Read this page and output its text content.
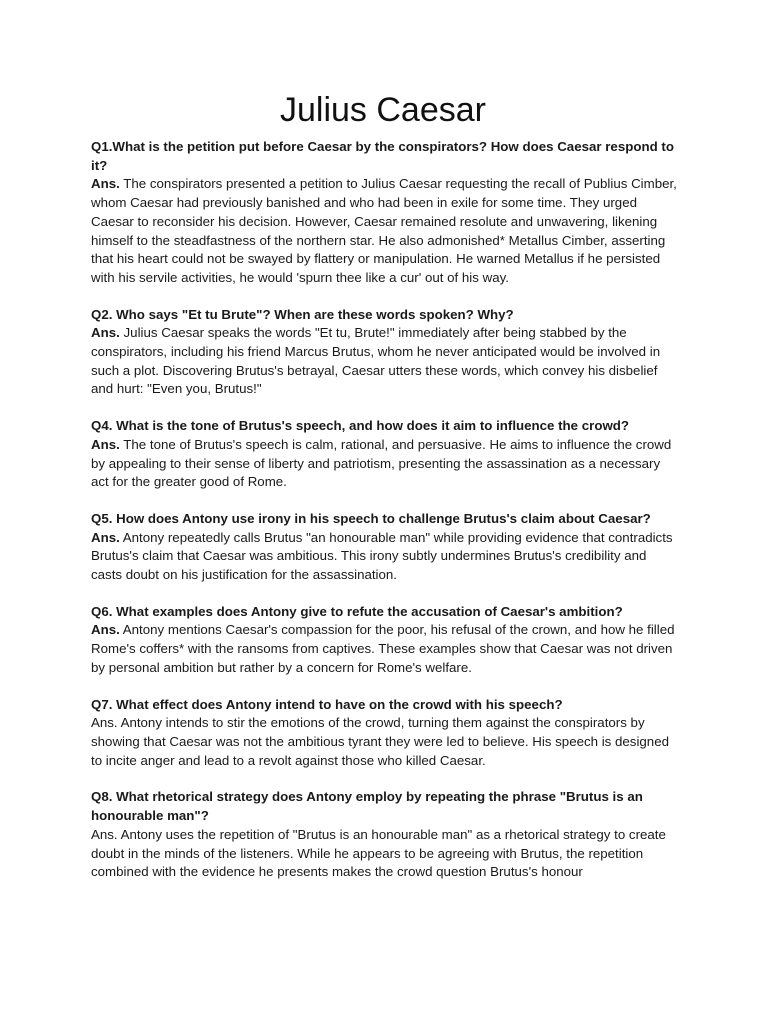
Julius Caesar
Q1.What is the petition put before Caesar by the conspirators? How does Caesar respond to it?
Ans. The conspirators presented a petition to Julius Caesar requesting the recall of Publius Cimber, whom Caesar had previously banished and who had been in exile for some time. They urged Caesar to reconsider his decision. However, Caesar remained resolute and unwavering, likening himself to the steadfastness of the northern star. He also admonished* Metallus Cimber, asserting that his heart could not be swayed by flattery or manipulation. He warned Metallus if he persisted with his servile activities, he would 'spurn thee like a cur' out of his way.
Q2. Who says "Et tu Brute"? When are these words spoken? Why?
Ans. Julius Caesar speaks the words "Et tu, Brute!" immediately after being stabbed by the conspirators, including his friend Marcus Brutus, whom he never anticipated would be involved in such a plot. Discovering Brutus's betrayal, Caesar utters these words, which convey his disbelief and hurt: "Even you, Brutus!"
Q4. What is the tone of Brutus's speech, and how does it aim to influence the crowd?
Ans. The tone of Brutus's speech is calm, rational, and persuasive. He aims to influence the crowd by appealing to their sense of liberty and patriotism, presenting the assassination as a necessary act for the greater good of Rome.
Q5. How does Antony use irony in his speech to challenge Brutus's claim about Caesar?
Ans. Antony repeatedly calls Brutus "an honourable man" while providing evidence that contradicts Brutus's claim that Caesar was ambitious. This irony subtly undermines Brutus's credibility and casts doubt on his justification for the assassination.
Q6. What examples does Antony give to refute the accusation of Caesar's ambition?
Ans. Antony mentions Caesar's compassion for the poor, his refusal of the crown, and how he filled Rome's coffers* with the ransoms from captives. These examples show that Caesar was not driven by personal ambition but rather by a concern for Rome's welfare.
Q7. What effect does Antony intend to have on the crowd with his speech?
Ans. Antony intends to stir the emotions of the crowd, turning them against the conspirators by showing that Caesar was not the ambitious tyrant they were led to believe. His speech is designed to incite anger and lead to a revolt against those who killed Caesar.
Q8. What rhetorical strategy does Antony employ by repeating the phrase "Brutus is an honourable man"?
Ans. Antony uses the repetition of "Brutus is an honourable man" as a rhetorical strategy to create doubt in the minds of the listeners. While he appears to be agreeing with Brutus, the repetition combined with the evidence he presents makes the crowd question Brutus's honour
